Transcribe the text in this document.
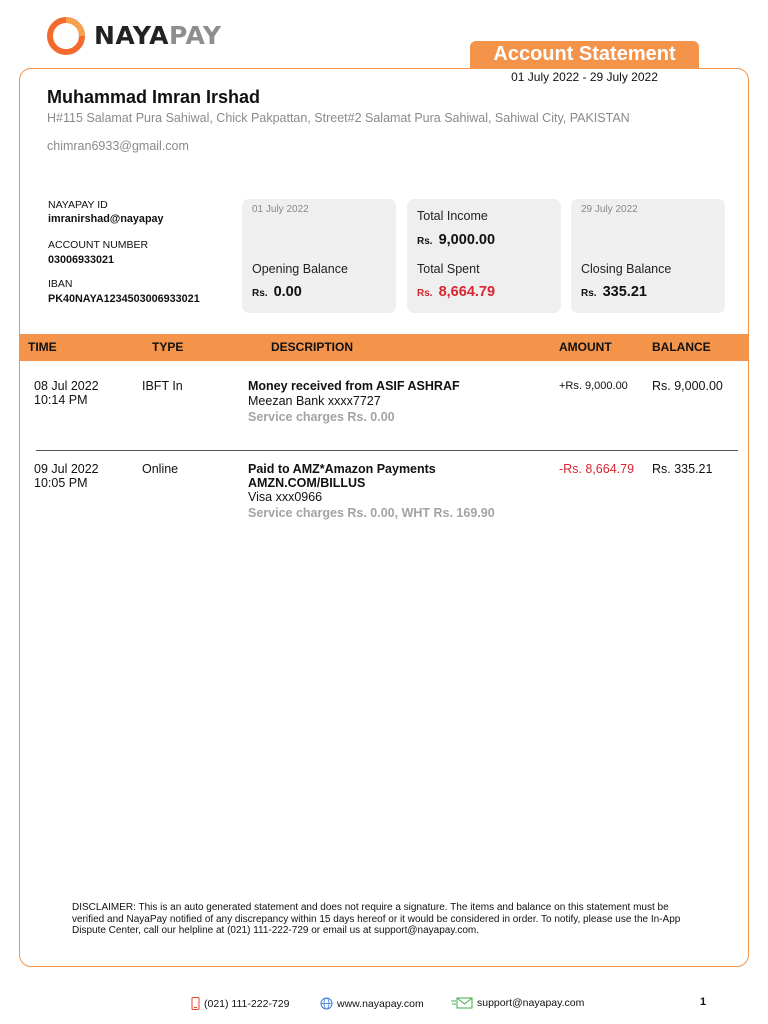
NAYAPAY
Account Statement
01 July 2022 - 29 July 2022
Muhammad Imran Irshad
H#115 Salamat Pura Sahiwal, Chick Pakpattan, Street#2 Salamat Pura Sahiwal, Sahiwal City, PAKISTAN
chimran6933@gmail.com
NAYAPAY ID
imranirshad@nayapay
ACCOUNT NUMBER
03006933021
IBAN
PK40NAYA1234503006933021
01 July 2022
Opening Balance
Rs. 0.00
Total Income
Rs. 9,000.00
Total Spent
Rs. 8,664.79
29 July 2022
Closing Balance
Rs. 335.21
TIME	TYPE	DESCRIPTION	AMOUNT	BALANCE
08 Jul 2022
10:14 PM
IBFT In	Money received from ASIF ASHRAF
Meezan Bank xxxx7727
Service charges Rs. 0.00
+Rs. 9,000.00 Rs. 9,000.00
09 Jul 2022
10:05 PM
Online	Paid to AMZ*Amazon Payments
AMZN.COM/BILLUS
Visa xxx0966
Service charges Rs. 0.00, WHT Rs. 169.90
-Rs. 8,664.79 Rs. 335.21
DISCLAIMER: This is an auto generated statement and does not require a signature. The items and balance on this statement must be verified and NayaPay notified of any discrepancy within 15 days hereof or it would be considered in order. To notify, please use the In-App Dispute Center, call our helpline at (021) 111-222-729 or email us at support@nayapay.com.
(021) 111-222-729	www.nayapay.com	support@nayapay.com	1
